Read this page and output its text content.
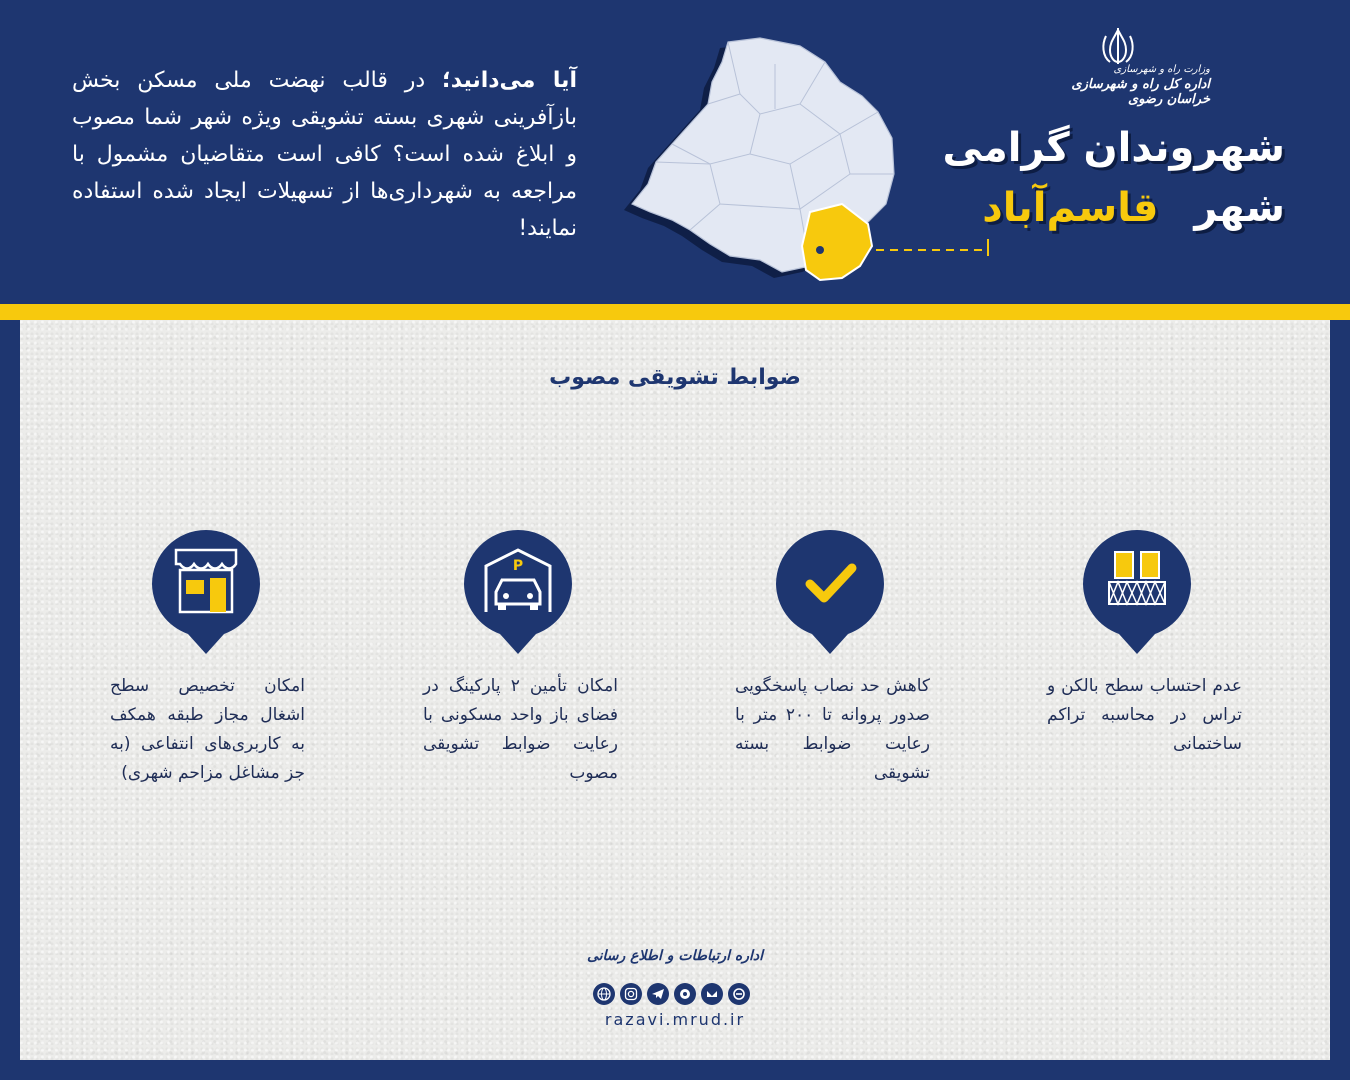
آیا می‌دانید؛ در قالب نهضت ملی مسکن بخش بازآفرینی شهری بسته تشویقی ویژه شهر شما مصوب و ابلاغ شده است؟ کافی است متقاضیان مشمول با مراجعه به شهرداری‌ها از تسهیلات ایجاد شده استفاده نمایند!
وزارت راه و شهرسازی
اداره کل راه و شهرسازی خراسان رضوی
شهروندان گرامی
شهر قاسم‌آباد
ضوابط تشویقی مصوب
عدم احتساب سطح بالکن و تراس در محاسبه تراکم ساختمانی
کاهش حد نصاب پاسخگویی صدور پروانه تا ۲۰۰ متر با رعایت ضوابط بسته تشویقی
P
امکان تأمین ۲ پارکینگ در فضای باز واحد مسکونی با رعایت ضوابط تشویقی مصوب
امکان تخصیص سطح اشغال مجاز طبقه همکف به کاربری‌های انتفاعی (به جز مشاغل مزاحم شهری)
اداره ارتباطات و اطلاع رسانی
razavi.mrud.ir
